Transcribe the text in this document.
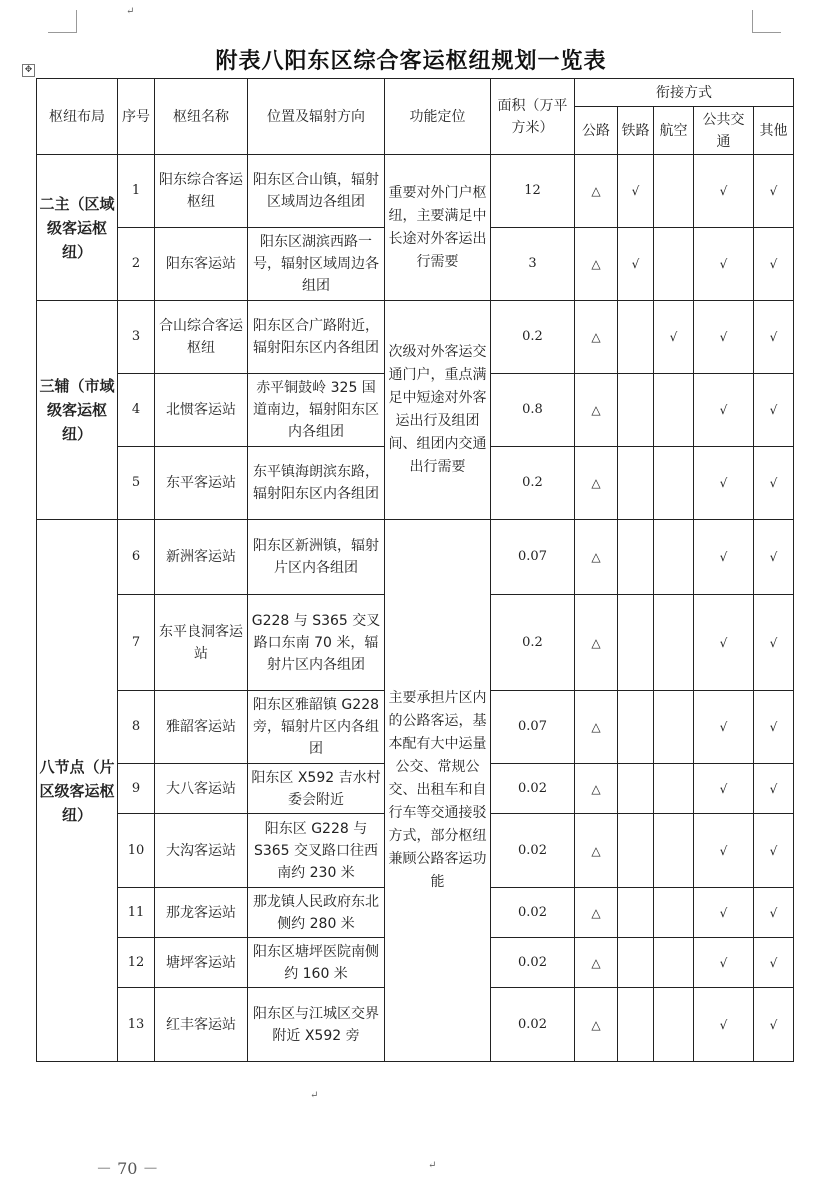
↵
✥	附表八阳东区综合客运枢纽规划一览表
枢纽布局	序号	枢纽名称	位置及辐射方向	功能定位	面积（万平方米）	衔接方式				
						公路	铁路	航空	公共交通	其他
二主（区域级客运枢纽）	1	阳东综合客运枢纽	阳东区合山镇，辐射区域周边各组团	重要对外门户枢纽，主要满足中长途对外客运出行需要	12	△	√		√	√
	2	阳东客运站	阳东区湖滨西路一号，辐射区域周边各组团		3	△	√		√	√
三辅（市域级客运枢纽）	3	合山综合客运枢纽	阳东区合广路附近，辐射阳东区内各组团	次级对外客运交通门户，重点满足中短途对外客运出行及组团间、组团内交通出行需要	0.2	△		√	√	√
	4	北惯客运站	赤平铜鼓岭 325 国道南边，辐射阳东区内各组团		0.8	△			√	√
	5	东平客运站	东平镇海朗滨东路，辐射阳东区内各组团		0.2	△			√	√
八节点（片区级客运枢纽）	6	新洲客运站	阳东区新洲镇，辐射片区内各组团	主要承担片区内的公路客运，基本配有大中运量公交、常规公交、出租车和自行车等交通接驳方式，部分枢纽兼顾公路客运功能	0.07	△			√	√
	7	东平良洞客运站	G228 与 S365 交叉路口东南 70 米，辐射片区内各组团		0.2	△			√	√
	8	雅韶客运站	阳东区雅韶镇 G228 旁，辐射片区内各组团		0.07	△			√	√
	9	大八客运站	阳东区 X592 吉水村委会附近		0.02	△			√	√
	10	大沟客运站	阳东区 G228 与 S365 交叉路口往西南约 230 米		0.02	△			√	√
	11	那龙客运站	那龙镇人民政府东北侧约 280 米		0.02	△			√	√
	12	塘坪客运站	阳东区塘坪医院南侧约 160 米		0.02	△			√	√
	13	红丰客运站	阳东区与江城区交界附近 X592 旁		0.02	△			√	√
↵
－ 70 －	↵
